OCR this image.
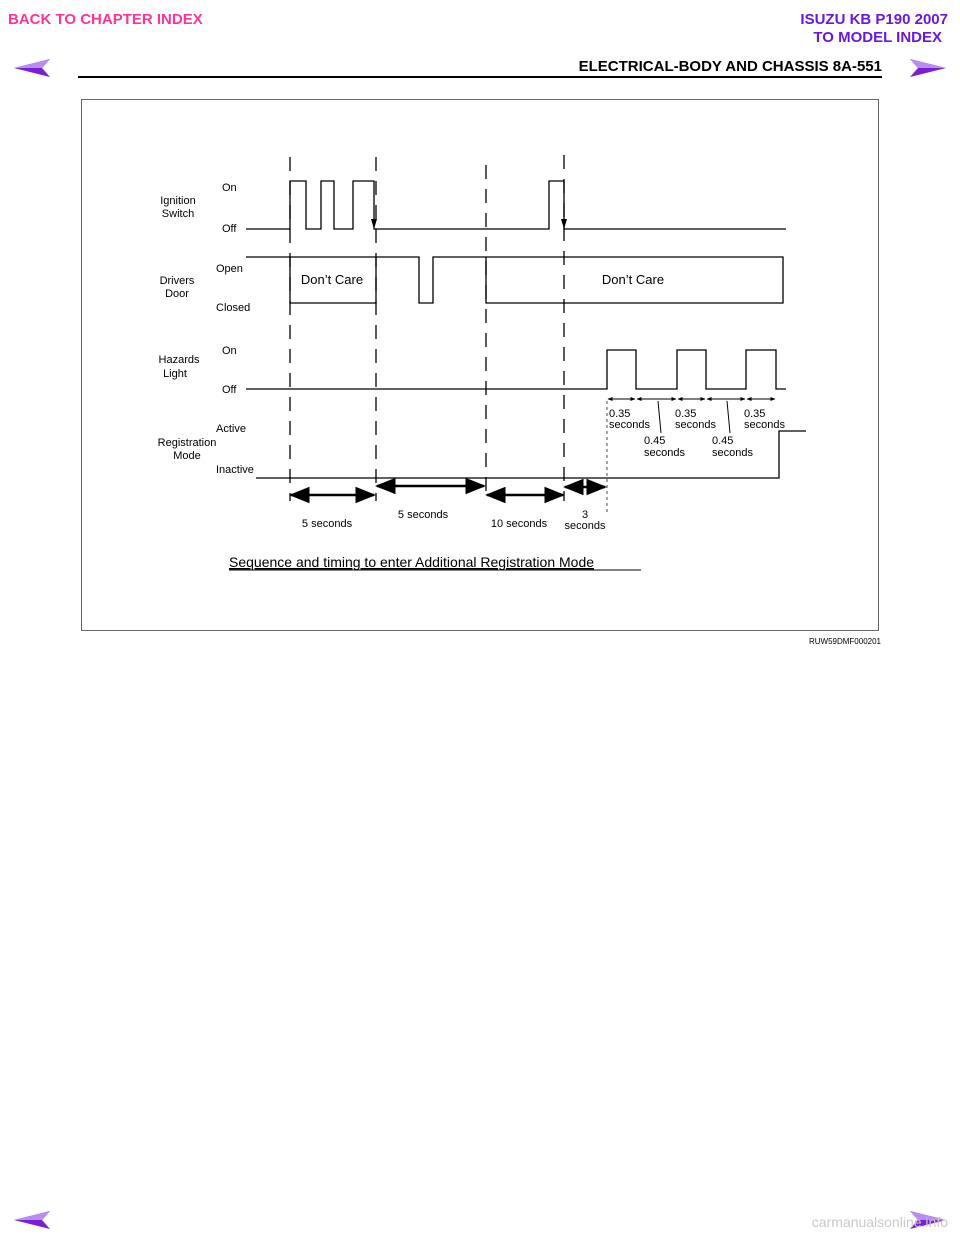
BACK TO CHAPTER INDEX	ISUZU KB P190 2007
TO MODEL INDEX
ELECTRICAL-BODY AND CHASSIS 8A-551
Ignition
Switch
Drivers
Door
Hazards
Light
Registration
Mode
On
Off
Open
Closed
On
Off
Active
Inactive
Don’t Care	Don’t Care
0.35
seconds
0.35
seconds
0.35
seconds
0.45
seconds
0.45
seconds
5 seconds
5 seconds
10 seconds
3
seconds
Sequence and timing to enter Additional Registration Mode
RUW59DMF000201
carmanualsonline.info
